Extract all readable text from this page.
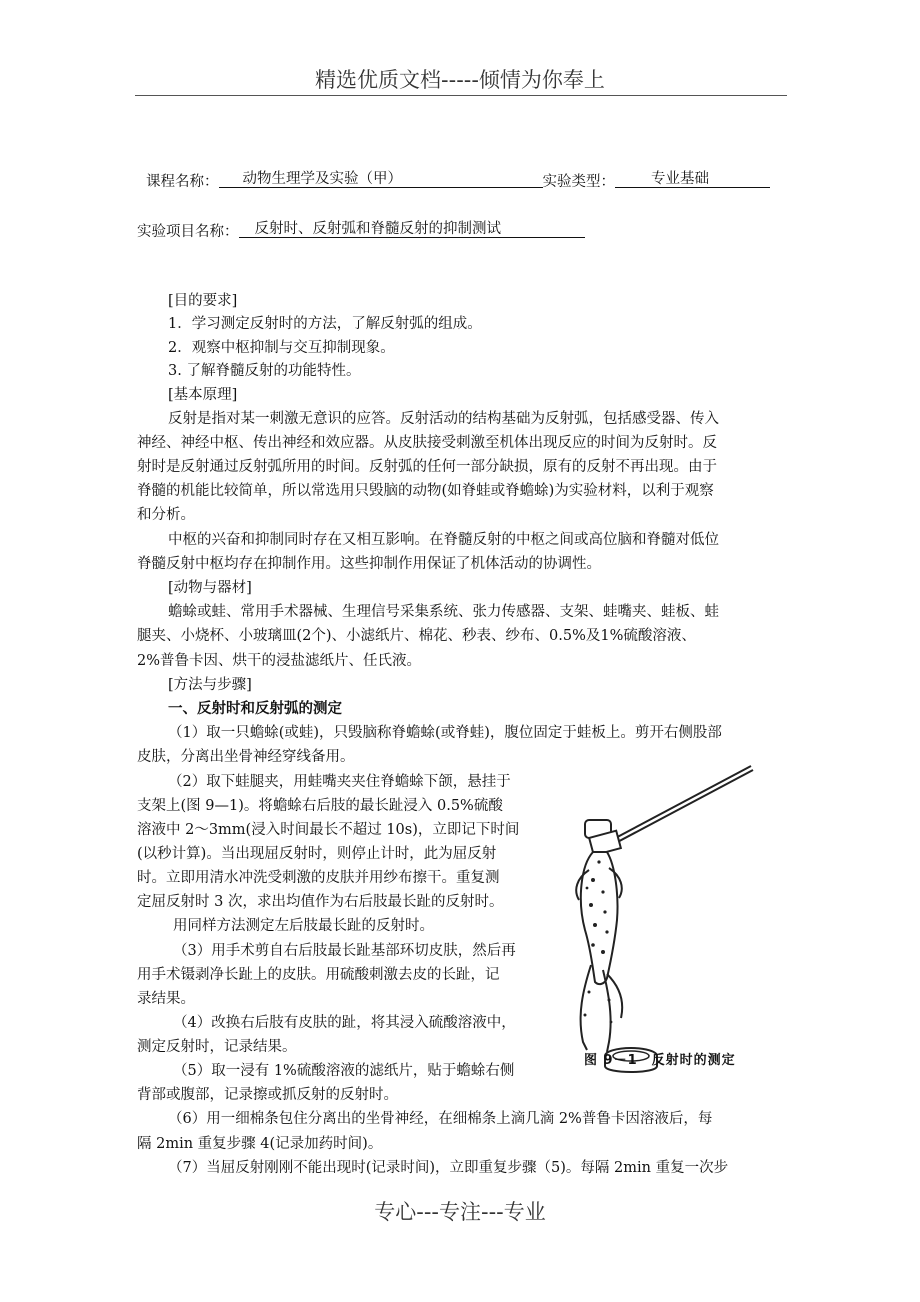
精选优质文档-----倾情为你奉上
课程名称： 动物生理学及实验（甲）	实验类型： 专业基础
实验项目名称： 反射时、反射弧和脊髓反射的抑制测试
[目的要求]
1．学习测定反射时的方法，了解反射弧的组成。
2．观察中枢抑制与交互抑制现象。
3. 了解脊髓反射的功能特性。
[基本原理]
反射是指对某一刺激无意识的应答。反射活动的结构基础为反射弧，包括感受器、传入
神经、神经中枢、传出神经和效应器。从皮肤接受刺激至机体出现反应的时间为反射时。反
射时是反射通过反射弧所用的时间。反射弧的任何一部分缺损，原有的反射不再出现。由于
脊髓的机能比较简单，所以常选用只毁脑的动物(如脊蛙或脊蟾蜍)为实验材料，以利于观察
和分析。
中枢的兴奋和抑制同时存在又相互影响。在脊髓反射的中枢之间或高位脑和脊髓对低位
脊髓反射中枢均存在抑制作用。这些抑制作用保证了机体活动的协调性。
[动物与器材]
蟾蜍或蛙、常用手术器械、生理信号采集系统、张力传感器、支架、蛙嘴夹、蛙板、蛙
腿夹、小烧杯、小玻璃皿(2个)、小滤纸片、棉花、秒表、纱布、0.5%及1%硫酸溶液、
2%普鲁卡因、烘干的浸盐滤纸片、任氏液。
[方法与步骤]
一、反射时和反射弧的测定
（1）取一只蟾蜍(或蛙)，只毁脑称脊蟾蜍(或脊蛙)，腹位固定于蛙板上。剪开右侧股部
皮肤，分离出坐骨神经穿线备用。
（2）取下蛙腿夹，用蛙嘴夹夹住脊蟾蜍下颌，悬挂于
支架上(图 9—1)。将蟾蜍右后肢的最长趾浸入 0.5%硫酸
溶液中 2～3mm(浸入时间最长不超过 10s)，立即记下时间
(以秒计算)。当出现屈反射时，则停止计时，此为屈反射
时。立即用清水冲洗受刺激的皮肤并用纱布擦干。重复测
定屈反射时 3 次，求出均值作为右后肢最长趾的反射时。
用同样方法测定左后肢最长趾的反射时。
（3）用手术剪自右后肢最长趾基部环切皮肤，然后再
用手术镊剥净长趾上的皮肤。用硫酸刺激去皮的长趾，记
录结果。
（4）改换右后肢有皮肤的趾，将其浸入硫酸溶液中，
测定反射时，记录结果。
（5）取一浸有 1%硫酸溶液的滤纸片，贴于蟾蜍右侧
背部或腹部，记录擦或抓反射的反射时。
（6）用一细棉条包住分离出的坐骨神经，在细棉条上滴几滴 2%普鲁卡因溶液后，每
隔 2min 重复步骤 4(记录加药时间)。
（7）当屈反射刚刚不能出现时(记录时间)，立即重复步骤（5)。每隔 2min 重复一次步
图 9－1　反射时的测定
专心---专注---专业
